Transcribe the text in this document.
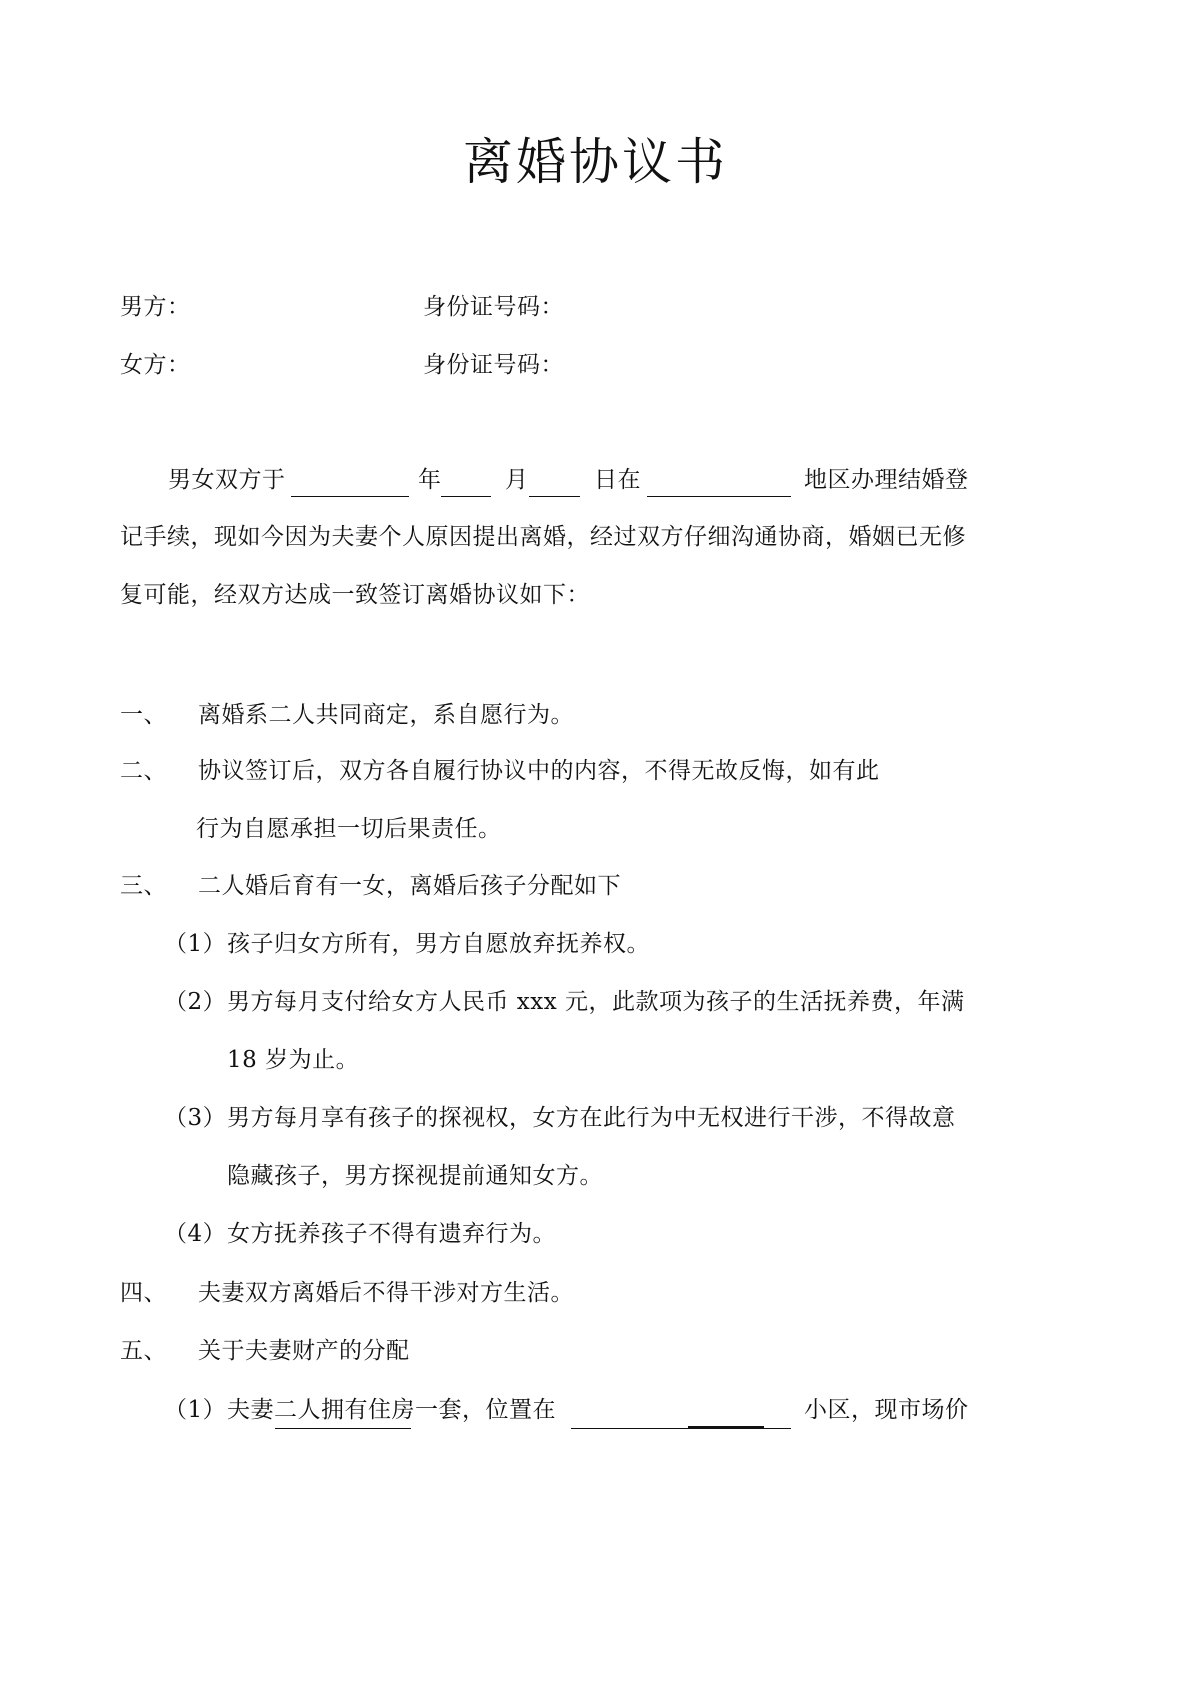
离婚协议书
男方：	身份证号码：
女方：	身份证号码：
男女双方于	年	月	日在	地区办理结婚登
记手续，现如今因为夫妻个人原因提出离婚，经过双方仔细沟通协商，婚姻已无修
复可能，经双方达成一致签订离婚协议如下：
一、 离婚系二人共同商定，系自愿行为。
二、 协议签订后，双方各自履行协议中的内容，不得无故反悔，如有此
行为自愿承担一切后果责任。
三、 二人婚后育有一女，离婚后孩子分配如下
（1） 孩子归女方所有，男方自愿放弃抚养权。
（2） 男方每月支付给女方人民币 xxx 元，此款项为孩子的生活抚养费，年满
18 岁为止。
（3） 男方每月享有孩子的探视权，女方在此行为中无权进行干涉，不得故意
隐藏孩子，男方探视提前通知女方。
（4） 女方抚养孩子不得有遗弃行为。
四、 夫妻双方离婚后不得干涉对方生活。
五、 关于夫妻财产的分配
（1） 夫妻二人拥有住房一套，位置在	小区，现市场价
